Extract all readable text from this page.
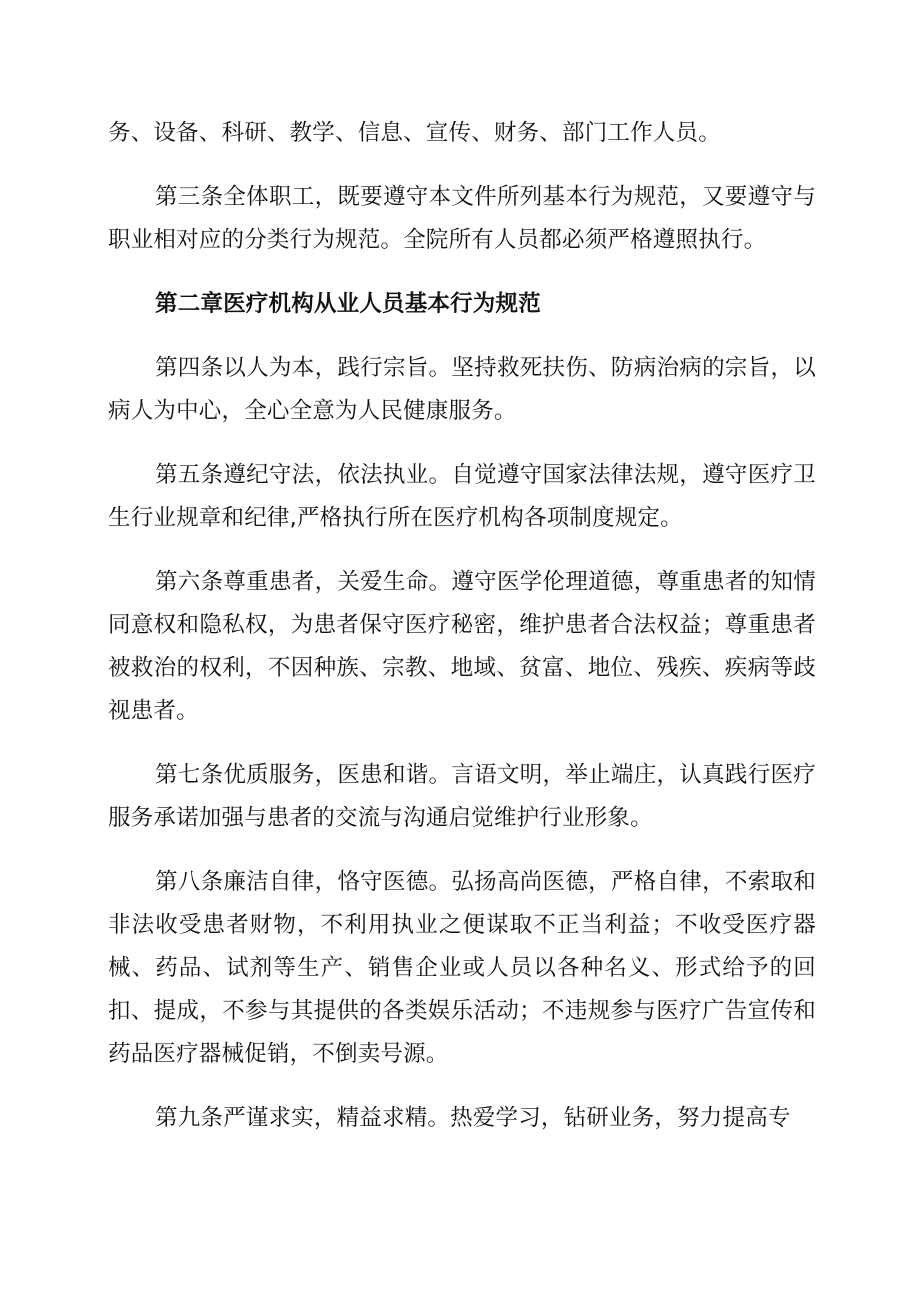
务、设备、科研、教学、信息、宣传、财务、部门工作人员。

第三条全体职工，既要遵守本文件所列基本行为规范，又要遵守与职业相对应的分类行为规范。全院所有人员都必须严格遵照执行。

第二章医疗机构从业人员基本行为规范

第四条以人为本，践行宗旨。坚持救死扶伤、防病治病的宗旨，以病人为中心，全心全意为人民健康服务。

第五条遵纪守法，依法执业。自觉遵守国家法律法规，遵守医疗卫生行业规章和纪律,严格执行所在医疗机构各项制度规定。

第六条尊重患者，关爱生命。遵守医学伦理道德，尊重患者的知情同意权和隐私权，为患者保守医疗秘密，维护患者合法权益；尊重患者被救治的权利，不因种族、宗教、地域、贫富、地位、残疾、疾病等歧视患者。

第七条优质服务，医患和谐。言语文明，举止端庄，认真践行医疗服务承诺加强与患者的交流与沟通启觉维护行业形象。

第八条廉洁自律，恪守医德。弘扬高尚医德，严格自律，不索取和非法收受患者财物，不利用执业之便谋取不正当利益；不收受医疗器械、药品、试剂等生产、销售企业或人员以各种名义、形式给予的回扣、提成，不参与其提供的各类娱乐活动；不违规参与医疗广告宣传和药品医疗器械促销，不倒卖号源。

第九条严谨求实，精益求精。热爱学习，钻研业务，努力提高专
